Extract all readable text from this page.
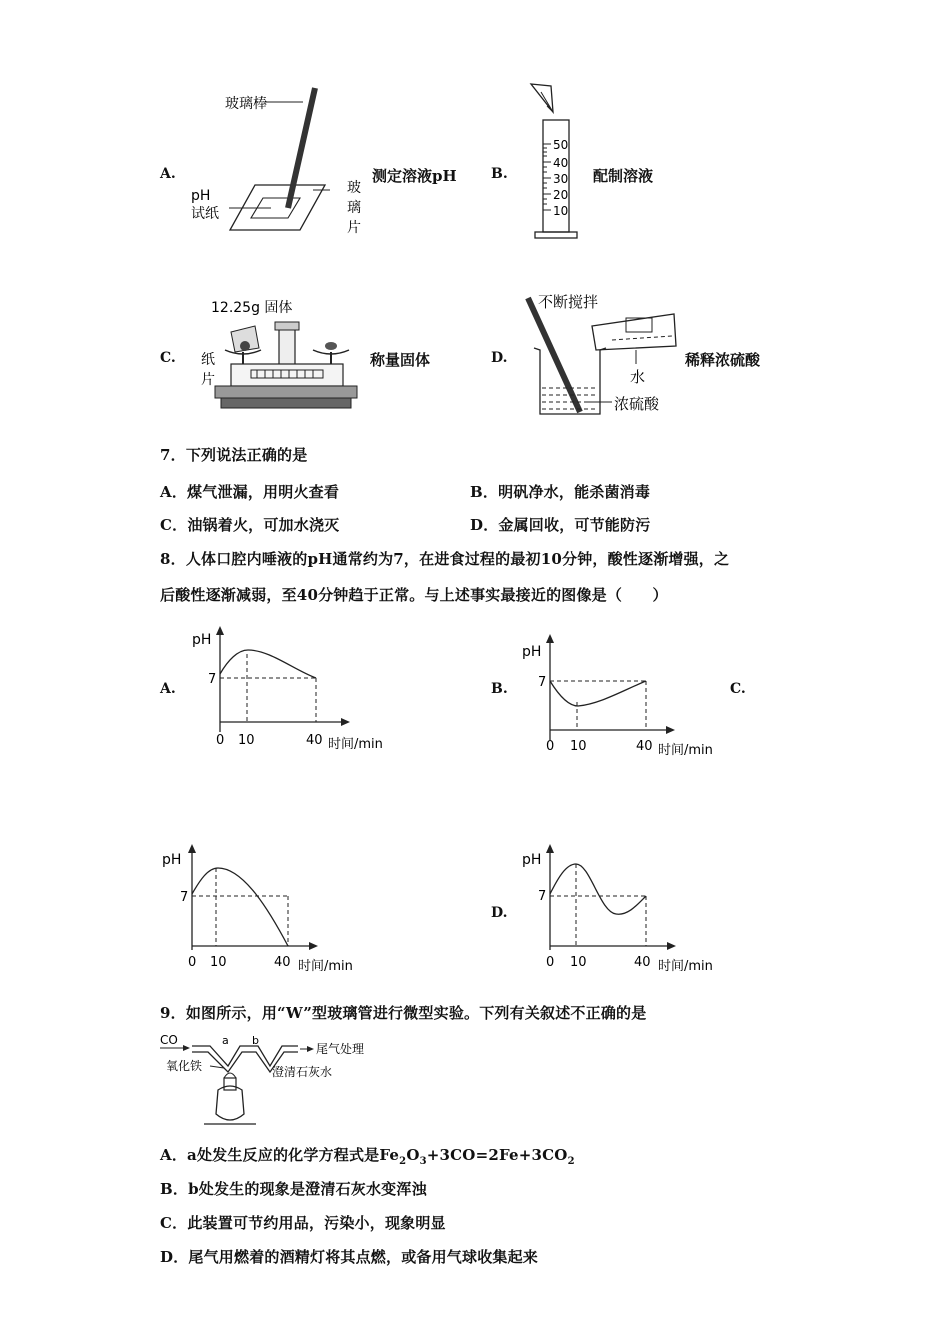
A.
玻璃棒
pH
试纸
玻
璃
片
测定溶液pH B.
50
40
30
20
10
配制溶液
C.
12.25g 固体
纸
片
称量固体	D.
不断搅拌
水
浓硫酸
稀释浓硫酸
7．下列说法正确的是
A．煤气泄漏，用明火查看	B．明矾净水，能杀菌消毒
C．油锅着火，可加水浇灭	D．金属回收，可节能防污
8．人体口腔内唾液的pH通常约为7，在进食过程的最初10分钟，酸性逐渐增强，之
后酸性逐渐减弱，至40分钟趋于正常。与上述事实最接近的图像是（　　）
A.	B.	C.
D.
pH
7
0 10	40 时间/min
pH
7
0 10	40 时间/min
pH
7
0 10	40 时间/min
pH
7
0 10	40 时间/min
9．如图所示，用“W”型玻璃管进行微型实验。下列有关叙述不正确的是
CO	a b
尾气处理
氧化铁	澄清石灰水
A．a处发生反应的化学方程式是$Fe_2O_3+3CO=2Fe+3CO_2$
B．b处发生的现象是澄清石灰水变浑浊
C．此装置可节约用品，污染小，现象明显
D．尾气用燃着的酒精灯将其点燃，或备用气球收集起来
